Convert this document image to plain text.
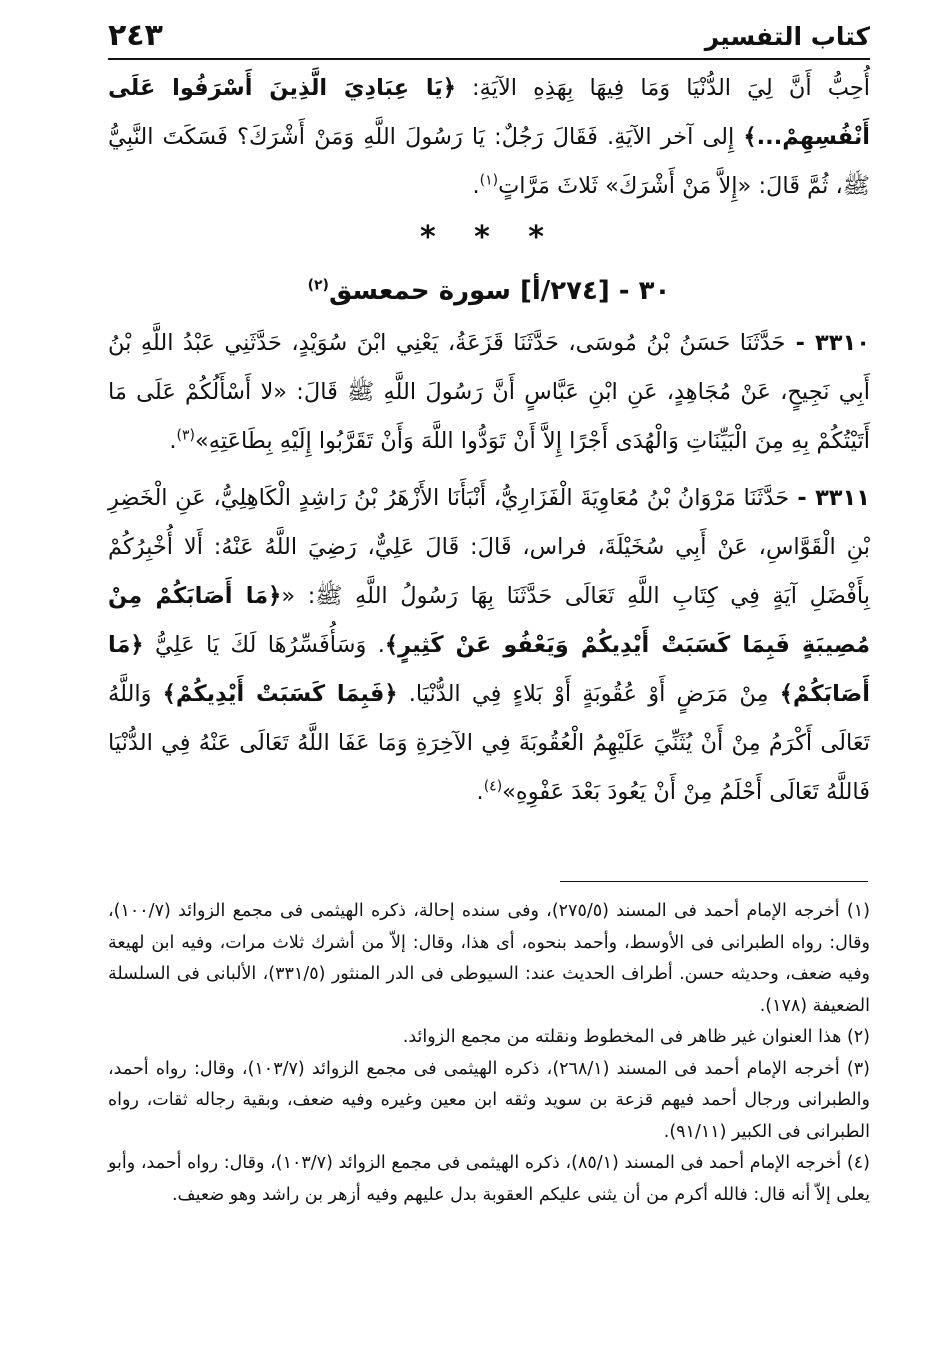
٢٤٣	كتاب التفسير

أُحِبُّ أَنَّ لِيَ الدُّنْيَا وَمَا فِيهَا بِهَذِهِ الآيَةِ: ﴿يَا عِبَادِيَ الَّذِينَ أَسْرَفُوا عَلَى أَنْفُسِهِمْ...﴾ إِلى آخر الآيَةِ. فَقَالَ رَجُلٌ: يَا رَسُولَ اللَّهِ وَمَنْ أَشْرَكَ؟ فَسَكَتَ النَّبِيُّ ﷺ، ثُمَّ قَالَ: «إِلاَّ مَنْ أَشْرَكَ» ثَلاثَ مَرَّاتٍ$^{(١)}$.

* * *
٣٠ - [٢٧٤/أ] سورة حمعسق$^{(٢)}$

٣٣١٠ - حَدَّثَنَا حَسَنُ بْنُ مُوسَى، حَدَّثَنَا قَزَعَةُ، يَعْنِي ابْنَ سُوَيْدٍ، حَدَّثَنِي عَبْدُ اللَّهِ بْنُ أَبِي نَجِيحٍ، عَنْ مُجَاهِدٍ، عَنِ ابْنِ عَبَّاسٍ أَنَّ رَسُولَ اللَّهِ ﷺ قَالَ: «لا أَسْأَلُكُمْ عَلَى مَا أَتَيْتُكُمْ بِهِ مِنَ الْبَيِّنَاتِ وَالْهُدَى أَجْرًا إِلاَّ أَنْ تَوَدُّوا اللَّهَ وَأَنْ تَقَرَّبُوا إِلَيْهِ بِطَاعَتِهِ»$^{(٣)}$.

٣٣١١ - حَدَّثَنَا مَرْوَانُ بْنُ مُعَاوِيَةَ الْفَزَارِيُّ، أَنْبَأَنَا الأَزْهَرُ بْنُ رَاشِدٍ الْكَاهِلِيُّ، عَنِ الْخَضِرِ بْنِ الْقَوَّاسِ، عَنْ أَبِي سُخَيْلَةَ، فراس، قَالَ: قَالَ عَلِيٌّ، رَضِيَ اللَّهُ عَنْهُ: أَلا أُخْبِرُكُمْ بِأَفْضَلِ آيَةٍ فِي كِتَابِ اللَّهِ تَعَالَى حَدَّثَنَا بِهَا رَسُولُ اللَّهِ ﷺ: «﴿مَا أَصَابَكُمْ مِنْ مُصِيبَةٍ فَبِمَا كَسَبَتْ أَيْدِيكُمْ وَيَعْفُو عَنْ كَثِيرٍ﴾. وَسَأُفَسِّرُهَا لَكَ يَا عَلِيُّ ﴿مَا أَصَابَكُمْ﴾ مِنْ مَرَضٍ أَوْ عُقُوبَةٍ أَوْ بَلاءٍ فِي الدُّنْيَا. ﴿فَبِمَا كَسَبَتْ أَيْدِيكُمْ﴾ وَاللَّهُ تَعَالَى أَكْرَمُ مِنْ أَنْ يُثَنِّيَ عَلَيْهِمُ الْعُقُوبَةَ فِي الآخِرَةِ وَمَا عَفَا اللَّهُ تَعَالَى عَنْهُ فِي الدُّنْيَا فَاللَّهُ تَعَالَى أَحْلَمُ مِنْ أَنْ يَعُودَ بَعْدَ عَفْوِهِ»$^{(٤)}$.

(١) أخرجه الإمام أحمد فى المسند (٢٧٥/٥)، وفى سنده إحالة، ذكره الهيثمى فى مجمع الزوائد (١٠٠/٧)، وقال: رواه الطبرانى فى الأوسط، وأحمد بنحوه، أى هذا، وقال: إلاّ من أشرك ثلاث مرات، وفيه ابن لهيعة وفيه ضعف، وحديثه حسن. أطراف الحديث عند: السيوطى فى الدر المنثور (٣٣١/٥)، الألبانى فى السلسلة الضعيفة (١٧٨).

(٢) هذا العنوان غير ظاهر فى المخطوط ونقلته من مجمع الزوائد.

(٣) أخرجه الإمام أحمد فى المسند (٢٦٨/١)، ذكره الهيثمى فى مجمع الزوائد (١٠٣/٧)، وقال: رواه أحمد، والطبرانى ورجال أحمد فيهم قزعة بن سويد وثقه ابن معين وغيره وفيه ضعف، وبقية رجاله ثقات، رواه الطبرانى فى الكبير (٩١/١١).

(٤) أخرجه الإمام أحمد فى المسند (٨٥/١)، ذكره الهيثمى فى مجمع الزوائد (١٠٣/٧)، وقال: رواه أحمد، وأبو يعلى إلاّ أنه قال: فالله أكرم من أن يثنى عليكم العقوبة بدل عليهم وفيه أزهر بن راشد وهو ضعيف.
